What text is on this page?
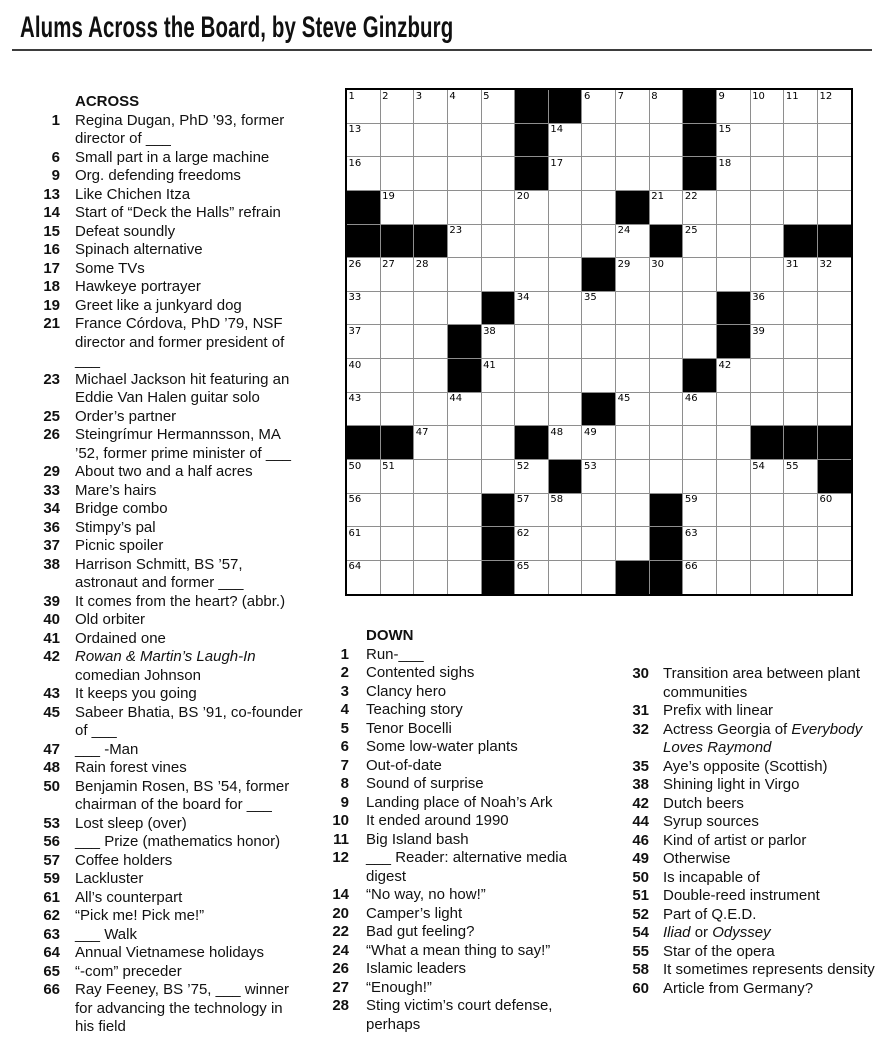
Alums Across the Board, by Steve Ginzburg
ACROSS
1 Regina Dugan, PhD ’93, former director of ___
6 Small part in a large machine
9 Org. defending freedoms
13 Like Chichen Itza
14 Start of “Deck the Halls” refrain
15 Defeat soundly
16 Spinach alternative
17 Some TVs
18 Hawkeye portrayer
19 Greet like a junkyard dog
21 France Córdova, PhD ’79, NSF director and former president of ___
23 Michael Jackson hit featuring an Eddie Van Halen guitar solo
25 Order’s partner
26 Steingrímur Hermannsson, MA ’52, former prime minister of ___
29 About two and a half acres
33 Mare’s hairs
34 Bridge combo
36 Stimpy’s pal
37 Picnic spoiler
38 Harrison Schmitt, BS ’57, astronaut and former ___
39 It comes from the heart? (abbr.)
40 Old orbiter
41 Ordained one
42 Rowan & Martin’s Laugh-In comedian Johnson
43 It keeps you going
45 Sabeer Bhatia, BS ’91, co-founder of ___
47 ___ -Man
48 Rain forest vines
50 Benjamin Rosen, BS ’54, former chairman of the board for ___
53 Lost sleep (over)
56 ___ Prize (mathematics honor)
57 Coffee holders
59 Lackluster
61 All’s counterpart
62 “Pick me! Pick me!”
63 ___ Walk
64 Annual Vietnamese holidays
65 “-com” preceder
66 Ray Feeney, BS ’75, ___ winner for advancing the technology in his field
1	2	3	4	5	6	7	8	9	10 11 12
13	14	15
16	17	18
19	20	21 22
23	24	25
26 27 28	29 30	31 32
33	34	35	36
37	38	39
40	41	42
43	44	45	46
47	48 49
50 51	52	53	54 55
56	57 58	59	60
61	62	63
64	65	66
DOWN
1 Run-___
2 Contented sighs
3 Clancy hero
4 Teaching story
5 Tenor Bocelli
6 Some low-water plants
7 Out-of-date
8 Sound of surprise
9 Landing place of Noah’s Ark
10 It ended around 1990
11 Big Island bash
12 ___ Reader: alternative media digest
14 “No way, no how!”
20 Camper’s light
22 Bad gut feeling?
24 “What a mean thing to say!”
26 Islamic leaders
27 “Enough!”
28 Sting victim’s court defense, perhaps
30 Transition area between plant communities
31 Prefix with linear
32 Actress Georgia of Everybody Loves Raymond
35 Aye’s opposite (Scottish)
38 Shining light in Virgo
42 Dutch beers
44 Syrup sources
46 Kind of artist or parlor
49 Otherwise
50 Is incapable of
51 Double-reed instrument
52 Part of Q.E.D.
54 Iliad or Odyssey
55 Star of the opera
58 It sometimes represents density
60 Article from Germany?
